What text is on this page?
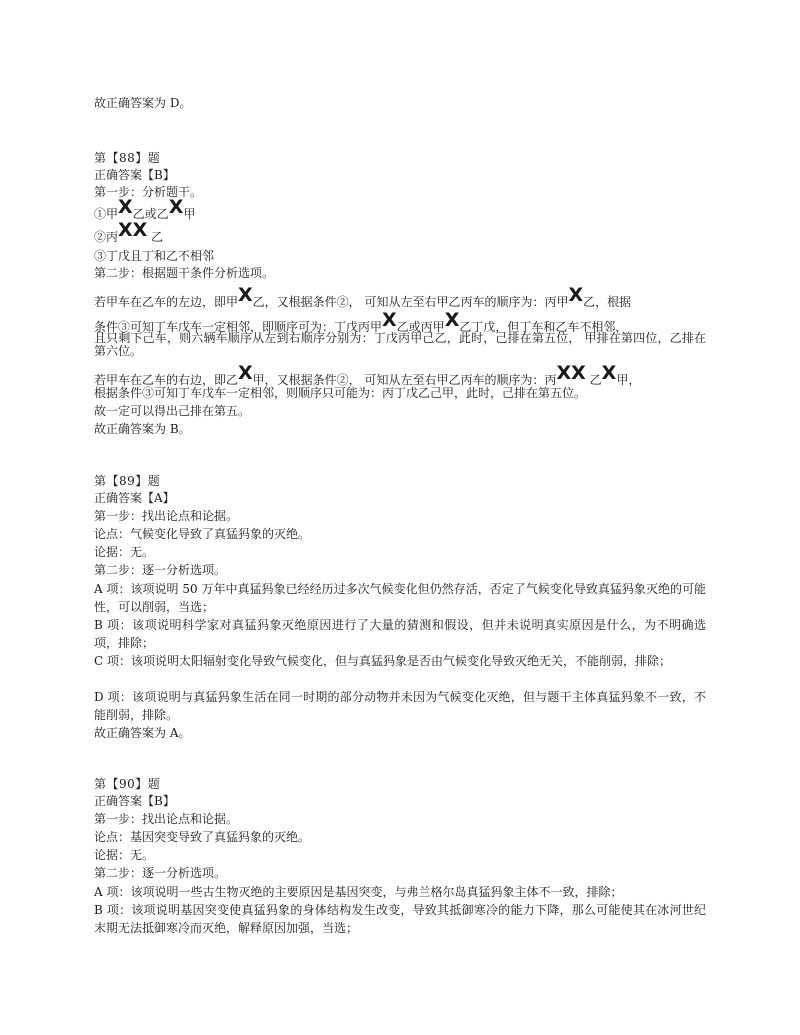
故正确答案为 D。
第【88】题
正确答案【B】
第一步：分析题干。
①甲X乙或乙X甲
②丙XX 乙
③丁戊且丁和乙不相邻
第二步：根据题干条件分析选项。
若甲车在乙车的左边，即甲X乙，又根据条件②， 可知从左至右甲乙丙车的顺序为：丙甲X乙，根据
条件③可知丁车戊车一定相邻，即顺序可为：丁戊丙甲X乙或丙甲X乙丁戊，但丁车和乙车不相邻，
且只剩下己车，则六辆车顺序从左到右顺序分别为：丁戊丙甲己乙，此时，己排在第五位， 甲排在第四位，乙排在第六位。
若甲车在乙车的右边，即乙X甲，又根据条件②， 可知从左至右甲乙丙车的顺序为：丙XX 乙X甲，
根据条件③可知丁车戊车一定相邻，则顺序只可能为：丙丁戊乙己甲，此时，己排在第五位。
故一定可以得出己排在第五。
故正确答案为 B。
第【89】题
正确答案【A】
第一步：找出论点和论据。
论点：气候变化导致了真猛犸象的灭绝。
论据：无。
第二步：逐一分析选项。
A 项：该项说明 50 万年中真猛犸象已经经历过多次气候变化但仍然存活，否定了气候变化导致真猛犸象灭绝的可能性，可以削弱，当选；
B 项：该项说明科学家对真猛犸象灭绝原因进行了大量的猜测和假设，但并未说明真实原因是什么，为不明确选项，排除；
C 项：该项说明太阳辐射变化导致气候变化，但与真猛犸象是否由气候变化导致灭绝无关，不能削弱，排除；
D 项：该项说明与真猛犸象生活在同一时期的部分动物并未因为气候变化灭绝，但与题干主体真猛犸象不一致，不能削弱，排除。
故正确答案为 A。
第【90】题
正确答案【B】
第一步：找出论点和论据。
论点：基因突变导致了真猛犸象的灭绝。
论据：无。
第二步：逐一分析选项。
A 项：该项说明一些古生物灭绝的主要原因是基因突变，与弗兰格尔岛真猛犸象主体不一致，排除；
B 项：该项说明基因突变使真猛犸象的身体结构发生改变，导致其抵御寒冷的能力下降，那么可能使其在冰河世纪末期无法抵御寒冷而灭绝，解释原因加强，当选；
